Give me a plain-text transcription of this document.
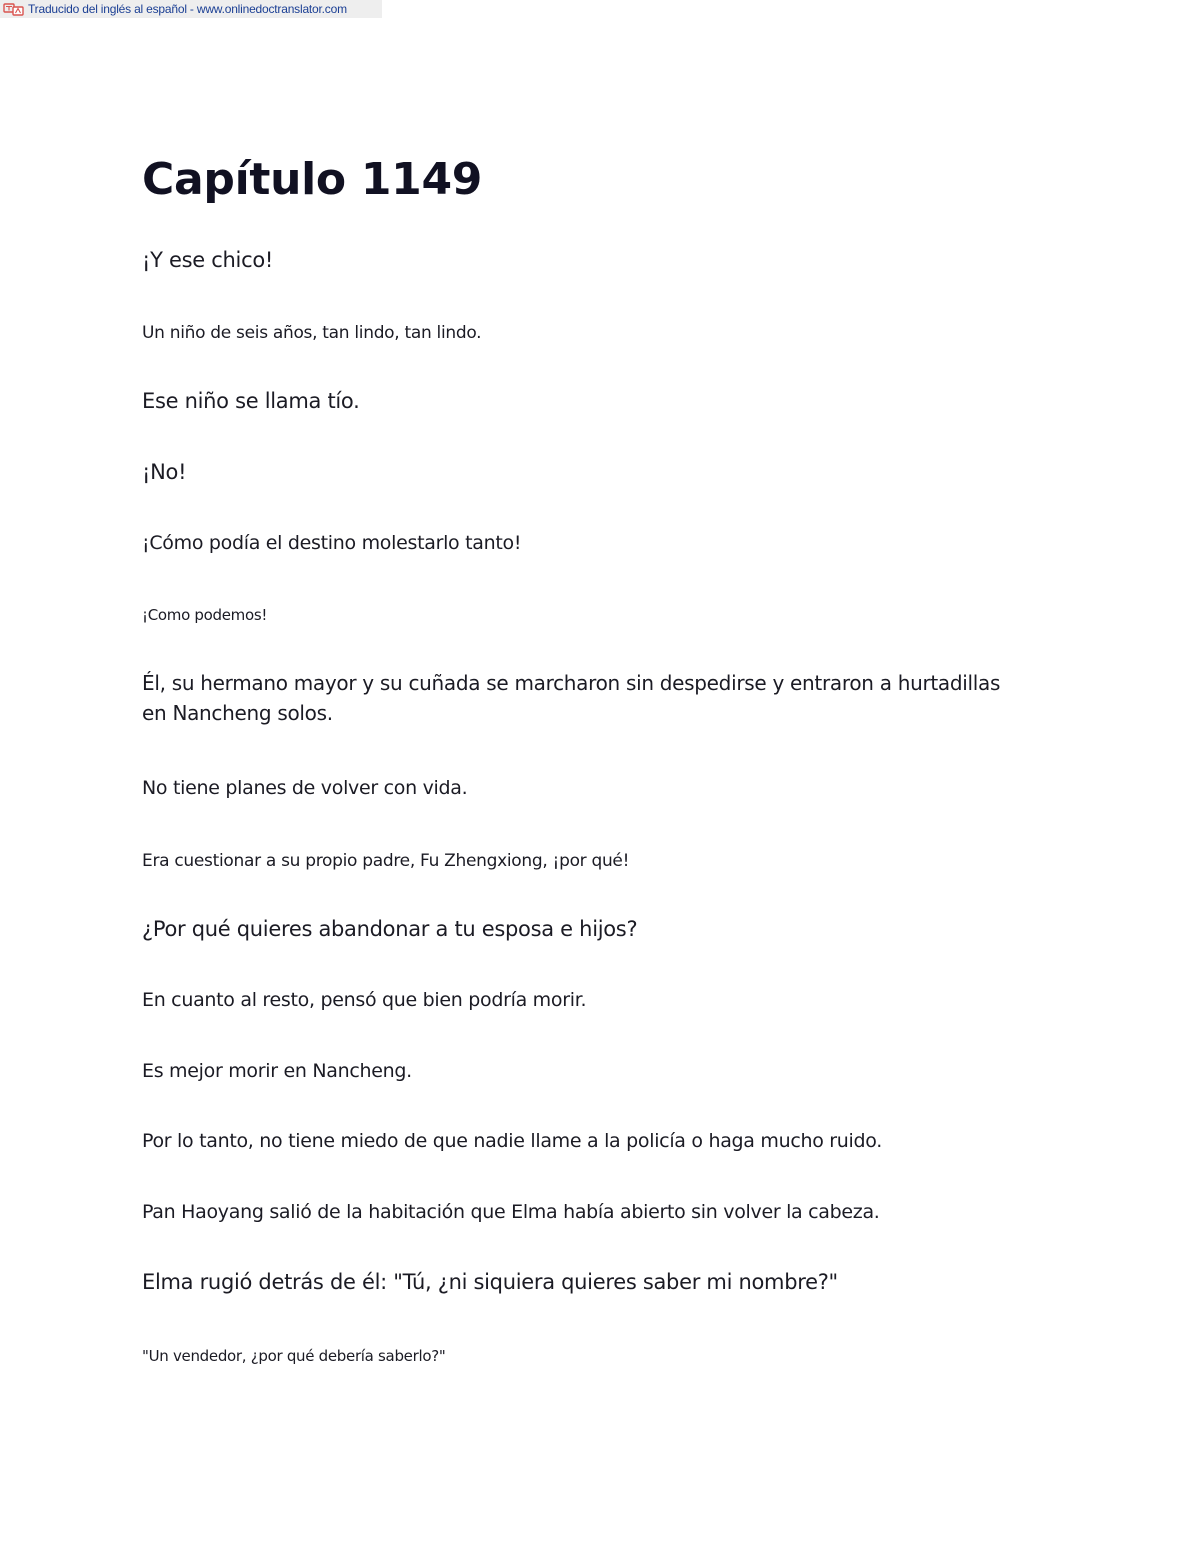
Traducido del inglés al español - www.onlinedoctranslator.com
Capítulo 1149

¡Y ese chico!

Un niño de seis años, tan lindo, tan lindo.

Ese niño se llama tío.

¡No!

¡Cómo podía el destino molestarlo tanto!

¡Como podemos!

Él, su hermano mayor y su cuñada se marcharon sin despedirse y entraron a hurtadillas en Nancheng solos.

No tiene planes de volver con vida.

Era cuestionar a su propio padre, Fu Zhengxiong, ¡por qué!

¿Por qué quieres abandonar a tu esposa e hijos?

En cuanto al resto, pensó que bien podría morir.

Es mejor morir en Nancheng.

Por lo tanto, no tiene miedo de que nadie llame a la policía o haga mucho ruido.

Pan Haoyang salió de la habitación que Elma había abierto sin volver la cabeza.

Elma rugió detrás de él: "Tú, ¿ni siquiera quieres saber mi nombre?"

"Un vendedor, ¿por qué debería saberlo?"
